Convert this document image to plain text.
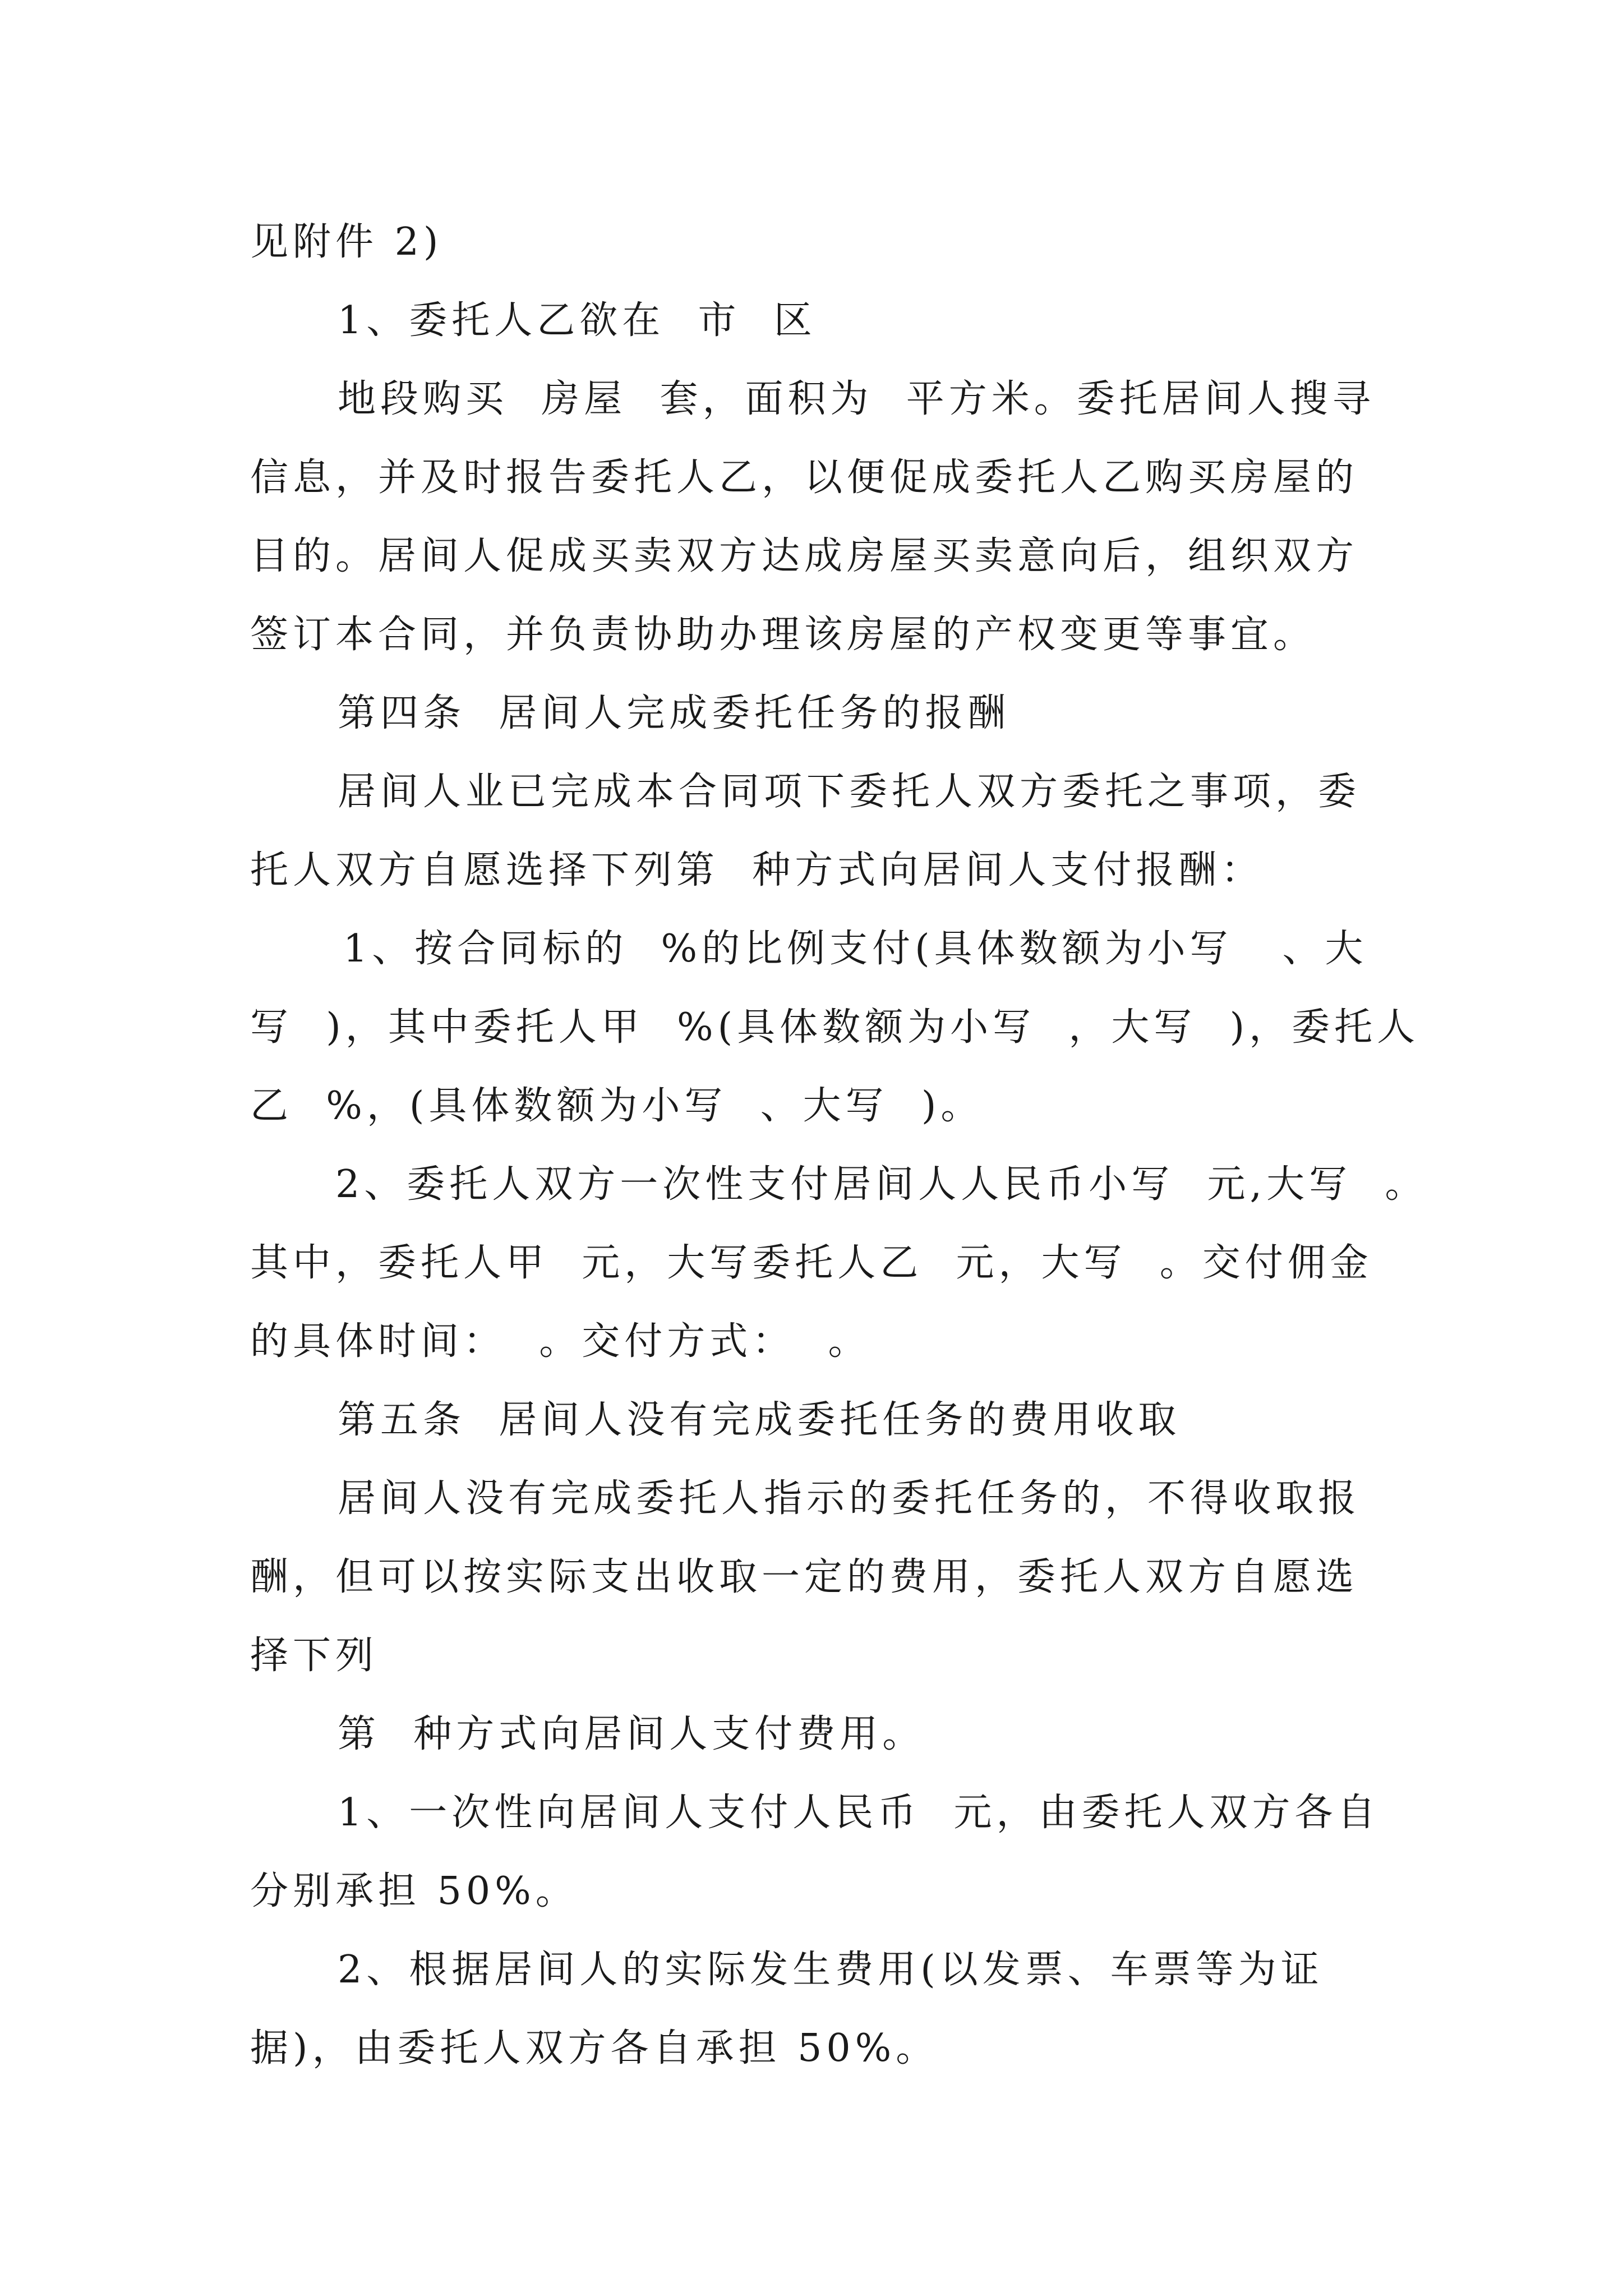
见附件 2)
1、委托人乙欲在  市  区
地段购买  房屋  套，面积为  平方米。委托居间人搜寻
信息，并及时报告委托人乙，以便促成委托人乙购买房屋的
目的。居间人促成买卖双方达成房屋买卖意向后，组织双方
签订本合同，并负责协助办理该房屋的产权变更等事宜。
第四条  居间人完成委托任务的报酬
居间人业已完成本合同项下委托人双方委托之事项，委
托人双方自愿选择下列第  种方式向居间人支付报酬：
1、按合同标的  %的比例支付(具体数额为小写   、大
写  )，其中委托人甲  %(具体数额为小写  ，大写  )，委托人
乙  %，(具体数额为小写  、大写  )。
2、委托人双方一次性支付居间人人民币小写  元,大写  。
其中，委托人甲  元，大写委托人乙  元，大写  。交付佣金
的具体时间：  。交付方式：  。
第五条  居间人没有完成委托任务的费用收取
居间人没有完成委托人指示的委托任务的，不得收取报
酬，但可以按实际支出收取一定的费用，委托人双方自愿选
择下列
第  种方式向居间人支付费用。
1、一次性向居间人支付人民币  元，由委托人双方各自
分别承担 50%。
2、根据居间人的实际发生费用(以发票、车票等为证
据)，由委托人双方各自承担 50%。
